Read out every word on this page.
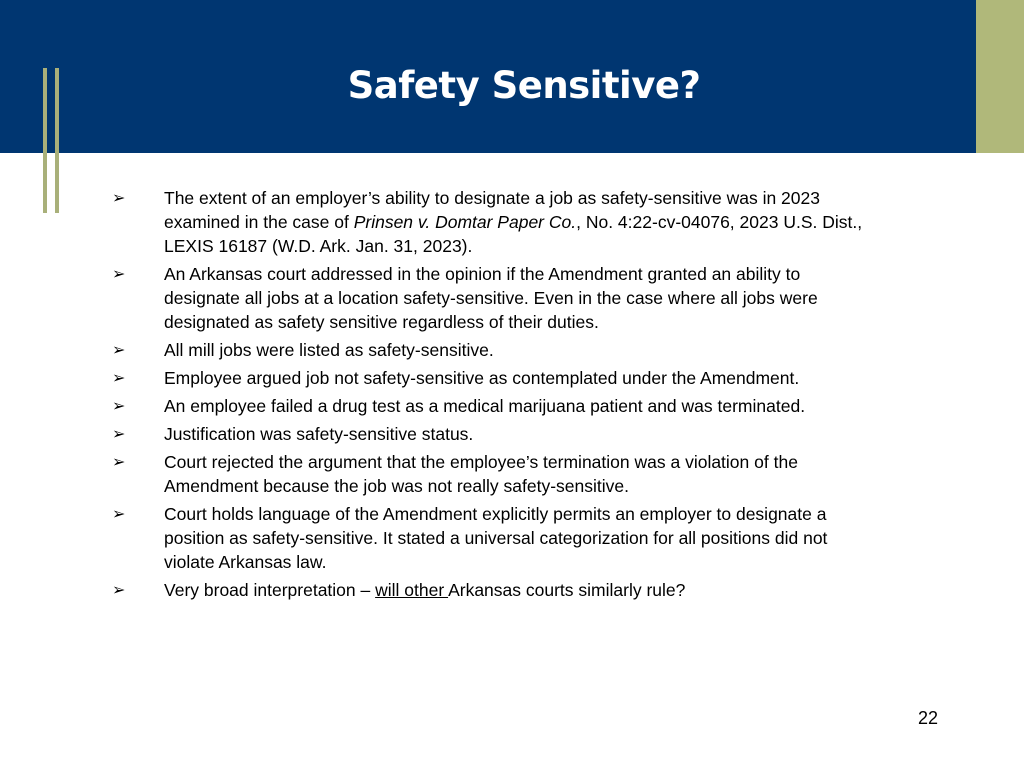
Safety Sensitive?
➢	The extent of an employer’s ability to designate a job as safety-sensitive was in 2023 examined in the case of Prinsen v. Domtar Paper Co., No. 4:22-cv-04076, 2023 U.S. Dist., LEXIS 16187 (W.D. Ark. Jan. 31, 2023).

➢	An Arkansas court addressed in the opinion if the Amendment granted an ability to designate all jobs at a location safety-sensitive. Even in the case where all jobs were designated as safety sensitive regardless of their duties.

➢	All mill jobs were listed as safety-sensitive.

➢	Employee argued job not safety-sensitive as contemplated under the Amendment.

➢	An employee failed a drug test as a medical marijuana patient and was terminated.

➢	Justification was safety-sensitive status.

➢	Court rejected the argument that the employee’s termination was a violation of the Amendment because the job was not really safety-sensitive.

➢	Court holds language of the Amendment explicitly permits an employer to designate a position as safety-sensitive. It stated a universal categorization for all positions did not violate Arkansas law.

➢	Very broad interpretation – will other Arkansas courts similarly rule?

22
